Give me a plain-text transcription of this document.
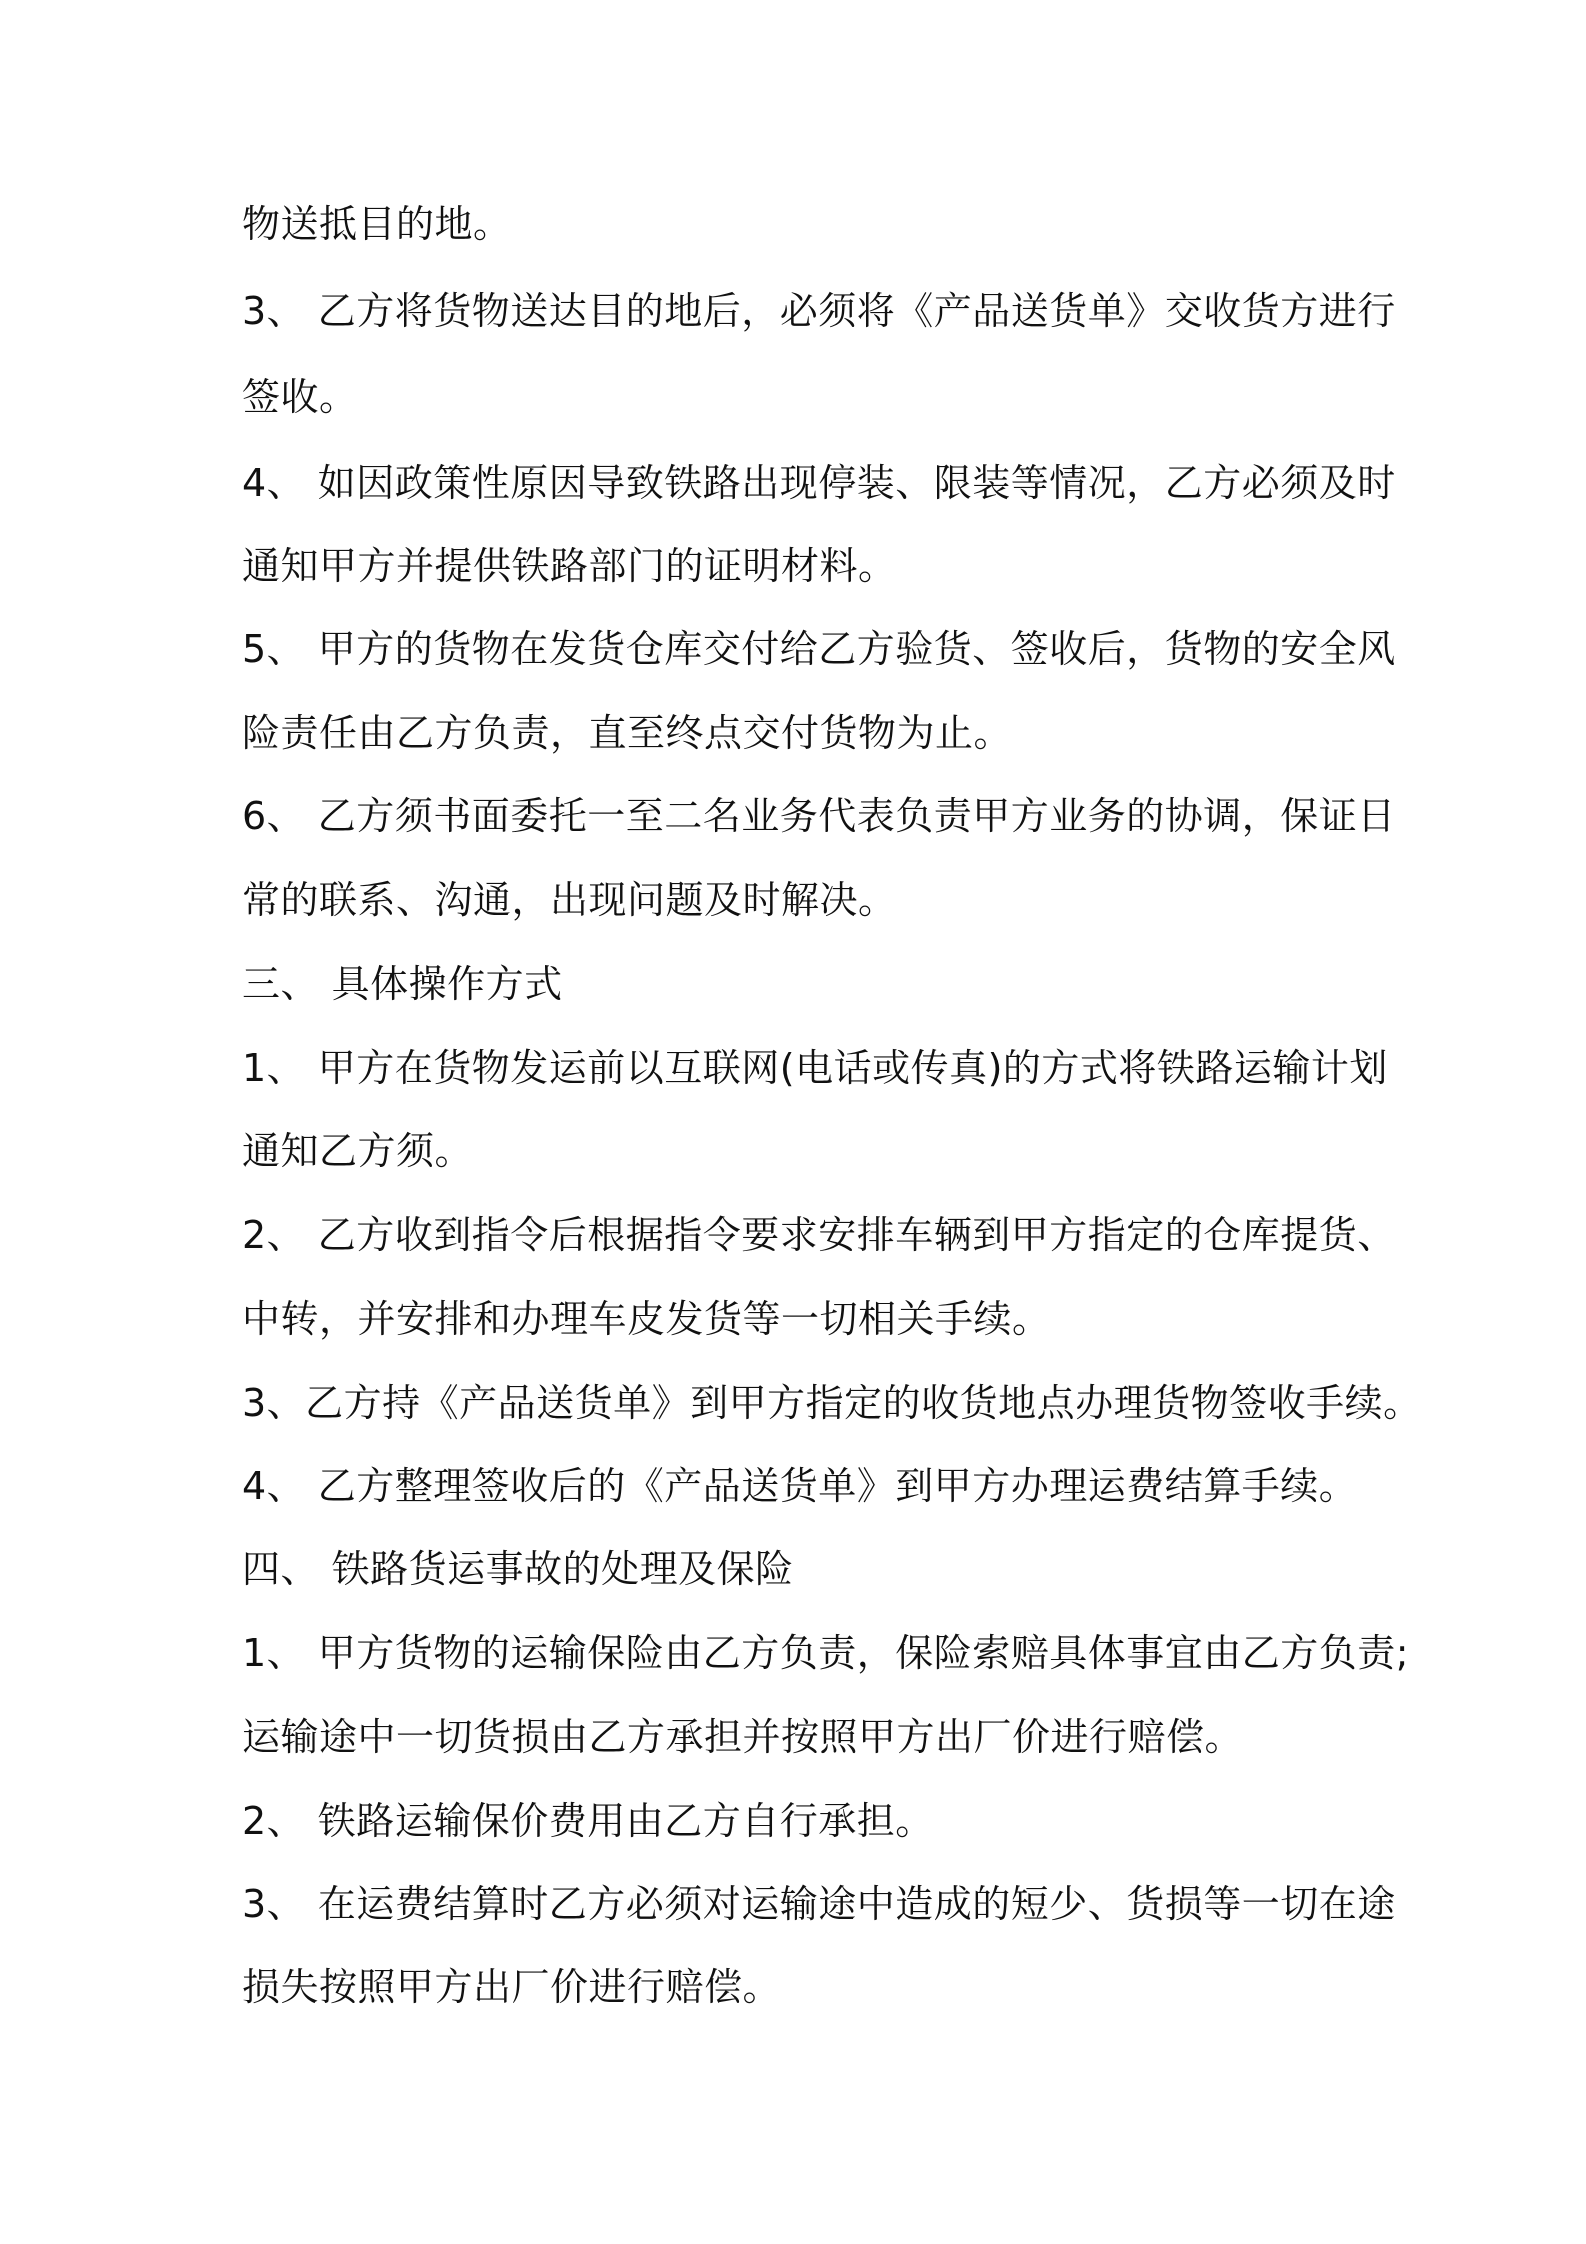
物送抵目的地。
3、 乙方将货物送达目的地后，必须将《产品送货单》交收货方进行
签收。
4、 如因政策性原因导致铁路出现停装、限装等情况，乙方必须及时
通知甲方并提供铁路部门的证明材料。
5、 甲方的货物在发货仓库交付给乙方验货、签收后，货物的安全风
险责任由乙方负责，直至终点交付货物为止。
6、 乙方须书面委托一至二名业务代表负责甲方业务的协调，保证日
常的联系、沟通，出现问题及时解决。
三、 具体操作方式
1、 甲方在货物发运前以互联网(电话或传真)的方式将铁路运输计划
通知乙方须。
2、 乙方收到指令后根据指令要求安排车辆到甲方指定的仓库提货、
中转，并安排和办理车皮发货等一切相关手续。
3、乙方持《产品送货单》到甲方指定的收货地点办理货物签收手续。
4、 乙方整理签收后的《产品送货单》到甲方办理运费结算手续。
四、 铁路货运事故的处理及保险
1、 甲方货物的运输保险由乙方负责，保险索赔具体事宜由乙方负责;
运输途中一切货损由乙方承担并按照甲方出厂价进行赔偿。
2、 铁路运输保价费用由乙方自行承担。
3、 在运费结算时乙方必须对运输途中造成的短少、货损等一切在途
损失按照甲方出厂价进行赔偿。
